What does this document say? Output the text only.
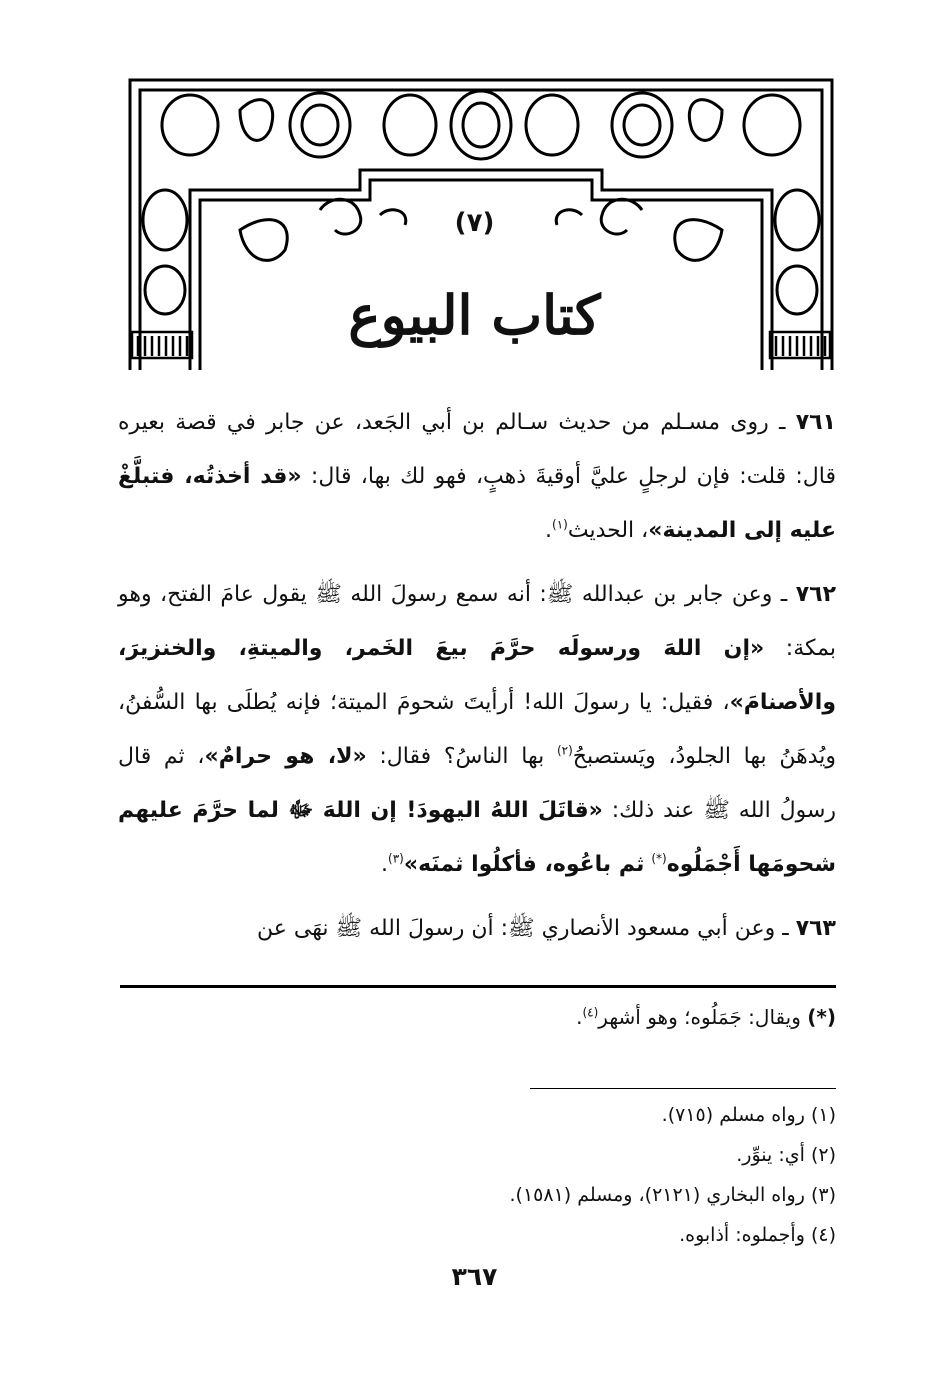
(٧)
كتاب البيوع

٧٦١ ـ روى مسـلم من حديث سـالم بن أبي الجَعد، عن جابر في قصة بعيره قال: قلت: فإن لرجلٍ عليَّ أوقيةَ ذهبٍ، فهو لك بها، قال: «قد أخذتُه، فتبلَّغْ عليه إلى المدينة»، الحديث$^{(١)}$.

٧٦٢ ـ وعن جابر بن عبدالله ﷺ: أنه سمع رسولَ الله ﷺ يقول عامَ الفتح، وهو بمكة: «إن اللهَ ورسولَه حرَّمَ بيعَ الخَمر، والميتةِ، والخنزيرَ، والأصنامَ»، فقيل: يا رسولَ الله! أرأيتَ شحومَ الميتة؛ فإنه يُطلَى بها السُّفنُ، ويُدهَنُ بها الجلودُ، ويَستصبحُ$^{(٢)}$ بها الناسُ؟ فقال: «لا، هو حرامٌ»، ثم قال رسولُ الله ﷺ عند ذلك: «قاتَلَ اللهُ اليهودَ! إن اللهَ ﷻ لما حرَّمَ عليهم شحومَها أَجْمَلُوه(*) ثم باعُوه، فأكلُوا ثمنَه»$^{(٣)}$.

٧٦٣ ـ وعن أبي مسعود الأنصاري ﷺ: أن رسولَ الله ﷺ نهَى عن

(*) ويقال: جَمَلُوه؛ وهو أشهر$^{(٤)}$.

(١) رواه مسلم (٧١٥).

(٢) أي: ينوِّر.

(٣) رواه البخاري (٢١٢١)، ومسلم (١٥٨١).

(٤) وأجملوه: أذابوه.

٣٦٧
